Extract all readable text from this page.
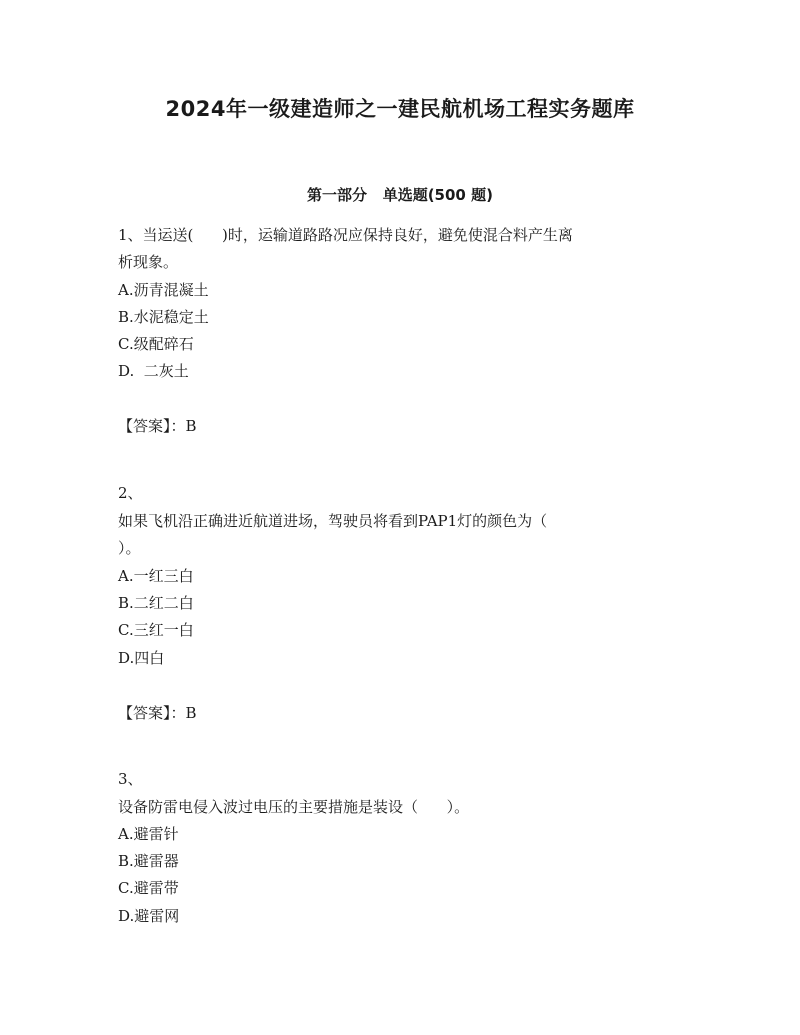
2024年一级建造师之一建民航机场工程实务题库
第一部分   单选题(500 题)
1、当运送(      )时，运输道路路况应保持良好，避免使混合料产生离
析现象。
A.沥青混凝土
B.水泥稳定土
C.级配碎石
D.  二灰土
【答案】：B
2、
如果飞机沿正确进近航道进场，驾驶员将看到PAP1灯的颜色为（
）。
A.一红三白
B.二红二白
C.三红一白
D.四白
【答案】：B
3、
设备防雷电侵入波过电压的主要措施是装设（      ）。
A.避雷针
B.避雷器
C.避雷带
D.避雷网
